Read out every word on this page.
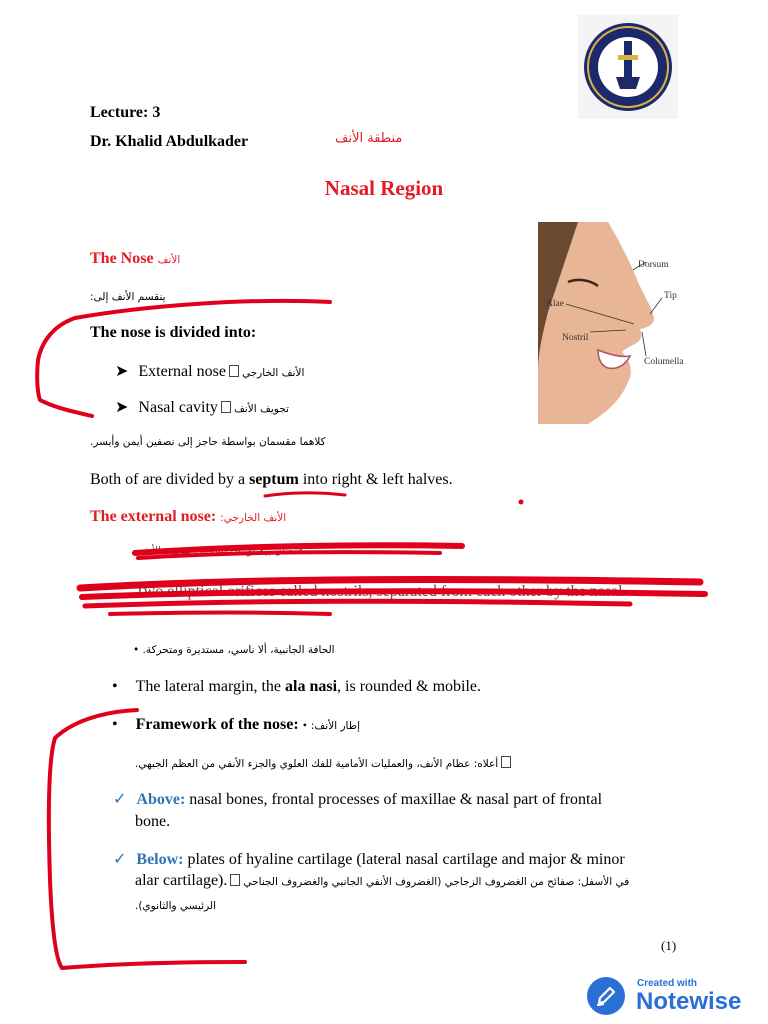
Lecture: 3
Dr. Khalid Abdulkader	منطقة الأنف
Nasal Region
Dorsum
Tip
Alae
Nostril
Columella
The Nose الأنف
ينقسم الأنف إلى:
The nose is divided into:
➤ External nose الأنف الخارجي
➤ Nasal cavity تجويف الأنف
كلاهما مقسمان بواسطة حاجز إلى نصفين أيمن وأيسر.
Both of are divided by a septum into right & left halves.
The external nose: الأنف الخارجي:
فتحتان بيضاويتان تسميان فتحتي الأنف.
Two elliptical orifices called nostrils, separated from each other by the nasal
الحافة الجانبية، ألا ناسي، مستديرة ومتحركة. •
• The lateral margin, the ala nasi, is rounded & mobile.
• Framework of the nose: • إطار الأنف:
أعلاه: عظام الأنف، والعمليات الأمامية للفك العلوي والجزء الأنفي من العظم الجبهي.
✓ Above: nasal bones, frontal processes of maxillae & nasal part of frontal
bone.
✓ Below: plates of hyaline cartilage (lateral nasal cartilage and major & minor
alar cartilage). في الأسفل: صفائح من الغضروف الزجاجي (الغضروف الأنفي الجانبي والغضروف الجناحي
الرئيسي والثانوي).
(1)
Created with
Notewise
